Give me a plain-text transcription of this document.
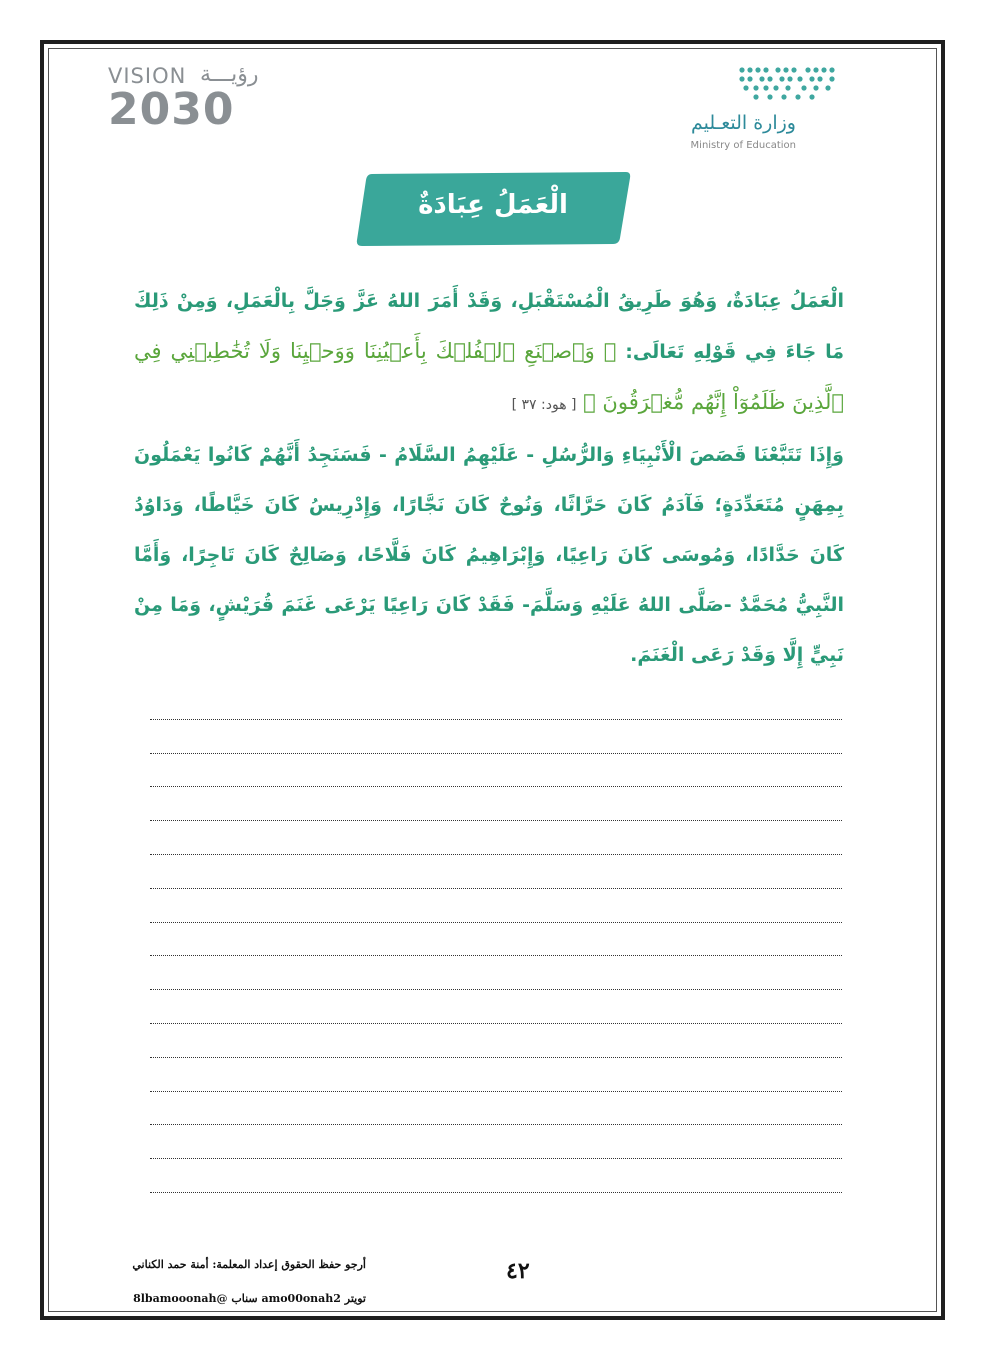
VISION رؤيـــة
2030	وزارة التعـليم
Ministry of Education
الْعَمَلُ عِبَادَةٌ
الْعَمَلُ عِبَادَةٌ، وَهُوَ طَرِيقُ الْمُسْتَقْبَلِ، وَقَدْ أَمَرَ اللهُ عَزَّ وَجَلَّ بِالْعَمَلِ، وَمِنْ ذَلِكَ مَا جَاءَ فِي قَوْلِهِ تَعَالَى: ﴿ وَٱصۡنَعِ ٱلۡفُلۡكَ بِأَعۡيُنِنَا وَوَحۡيِنَا وَلَا تُخَٰطِبۡنِي فِي ٱلَّذِينَ ظَلَمُوٓاْ إِنَّهُم مُّغۡرَقُونَ ﴾ [ هود: ٣٧ ]
وَإِذَا تَتَبَّعْنَا قَصَصَ الْأَنْبِيَاءِ وَالرُّسُلِ - عَلَيْهِمُ السَّلَامُ - فَسَنَجِدُ أَنَّهُمْ كَانُوا يَعْمَلُونَ بِمِهَنٍ مُتَعَدِّدَةٍ؛ فَآدَمُ كَانَ حَرَّاثًا، وَنُوحٌ كَانَ نَجَّارًا، وَإِدْرِيسُ كَانَ خَيَّاطًا، وَدَاوُدُ كَانَ حَدَّادًا، وَمُوسَى كَانَ رَاعِيًا، وَإِبْرَاهِيمُ كَانَ فَلَّاحًا، وَصَالِحٌ كَانَ تَاجِرًا، وَأَمَّا النَّبِيُّ مُحَمَّدٌ -صَلَّى اللهُ عَلَيْهِ وَسَلَّمَ- فَقَدْ كَانَ رَاعِيًا يَرْعَى غَنَمَ قُرَيْشٍ، وَمَا مِنْ نَبِيٍّ إِلَّا وَقَدْ رَعَى الْغَنَمَ.
أرجو حفظ الحقوق إعداد المعلمة: أمنة حمد الكناني	٤٢
تويتر amo00onah2 سناب @8lbamooonah
